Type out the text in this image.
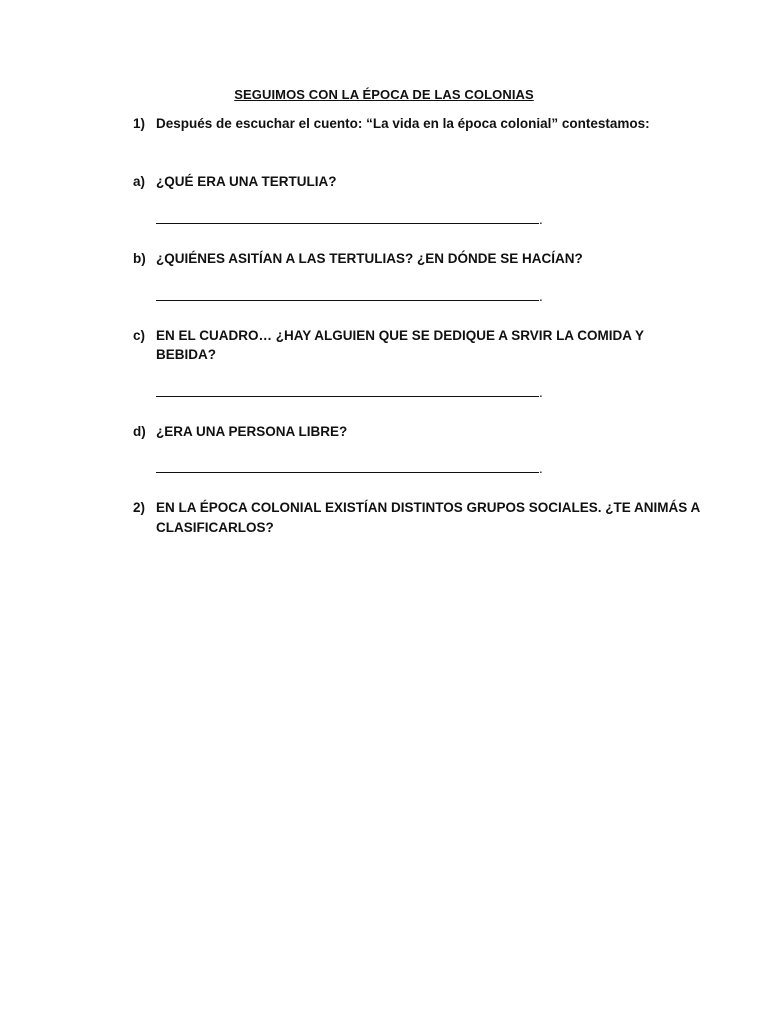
SEGUIMOS CON LA ÉPOCA DE LAS COLONIAS
1) Después de escuchar el cuento: “La vida en la época colonial” contestamos:
a) ¿QUÉ ERA UNA TERTULIA?
.
b) ¿QUIÉNES ASITÍAN A LAS TERTULIAS? ¿EN DÓNDE SE HACÍAN?
.
c) EN EL CUADRO… ¿HAY ALGUIEN QUE SE DEDIQUE A SRVIR LA COMIDA Y
BEBIDA?
.
d) ¿ERA UNA PERSONA LIBRE?
.
2) EN LA ÉPOCA COLONIAL EXISTÍAN DISTINTOS GRUPOS SOCIALES. ¿TE ANIMÁS A
CLASIFICARLOS?
